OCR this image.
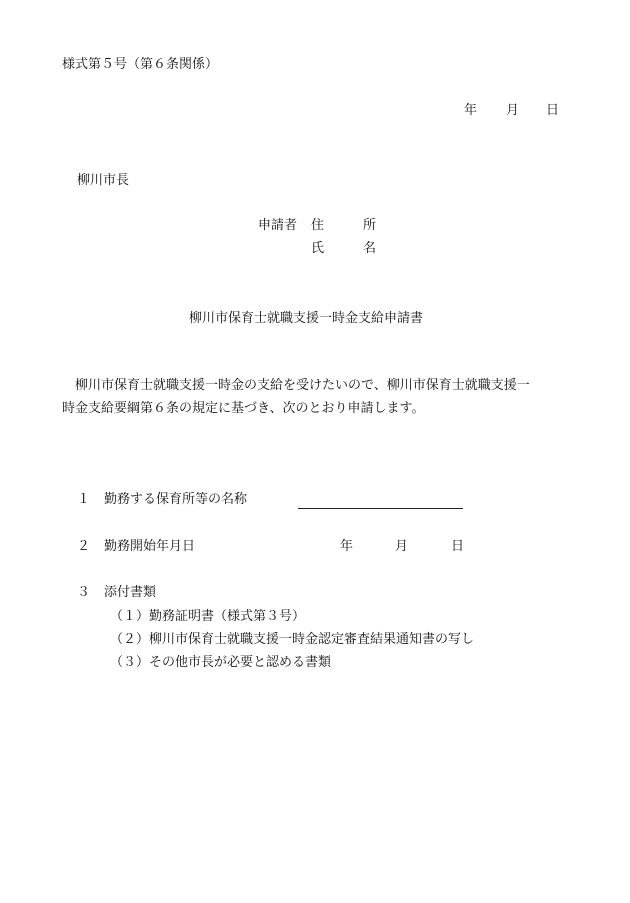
様式第５号（第６条関係）
年 月 日
柳川市長
申請者 住　　　所
氏　　　名
柳川市保育士就職支援一時金支給申請書
柳川市保育士就職支援一時金の支給を受けたいので、柳川市保育士就職支援一
時金支給要綱第６条の規定に基づき、次のとおり申請します。
１ 勤務する保育所等の名称
２ 勤務開始年月日	年	月	日
３ 添付書類
（１）勤務証明書（様式第３号）
（２）柳川市保育士就職支援一時金認定審査結果通知書の写し
（３）その他市長が必要と認める書類
